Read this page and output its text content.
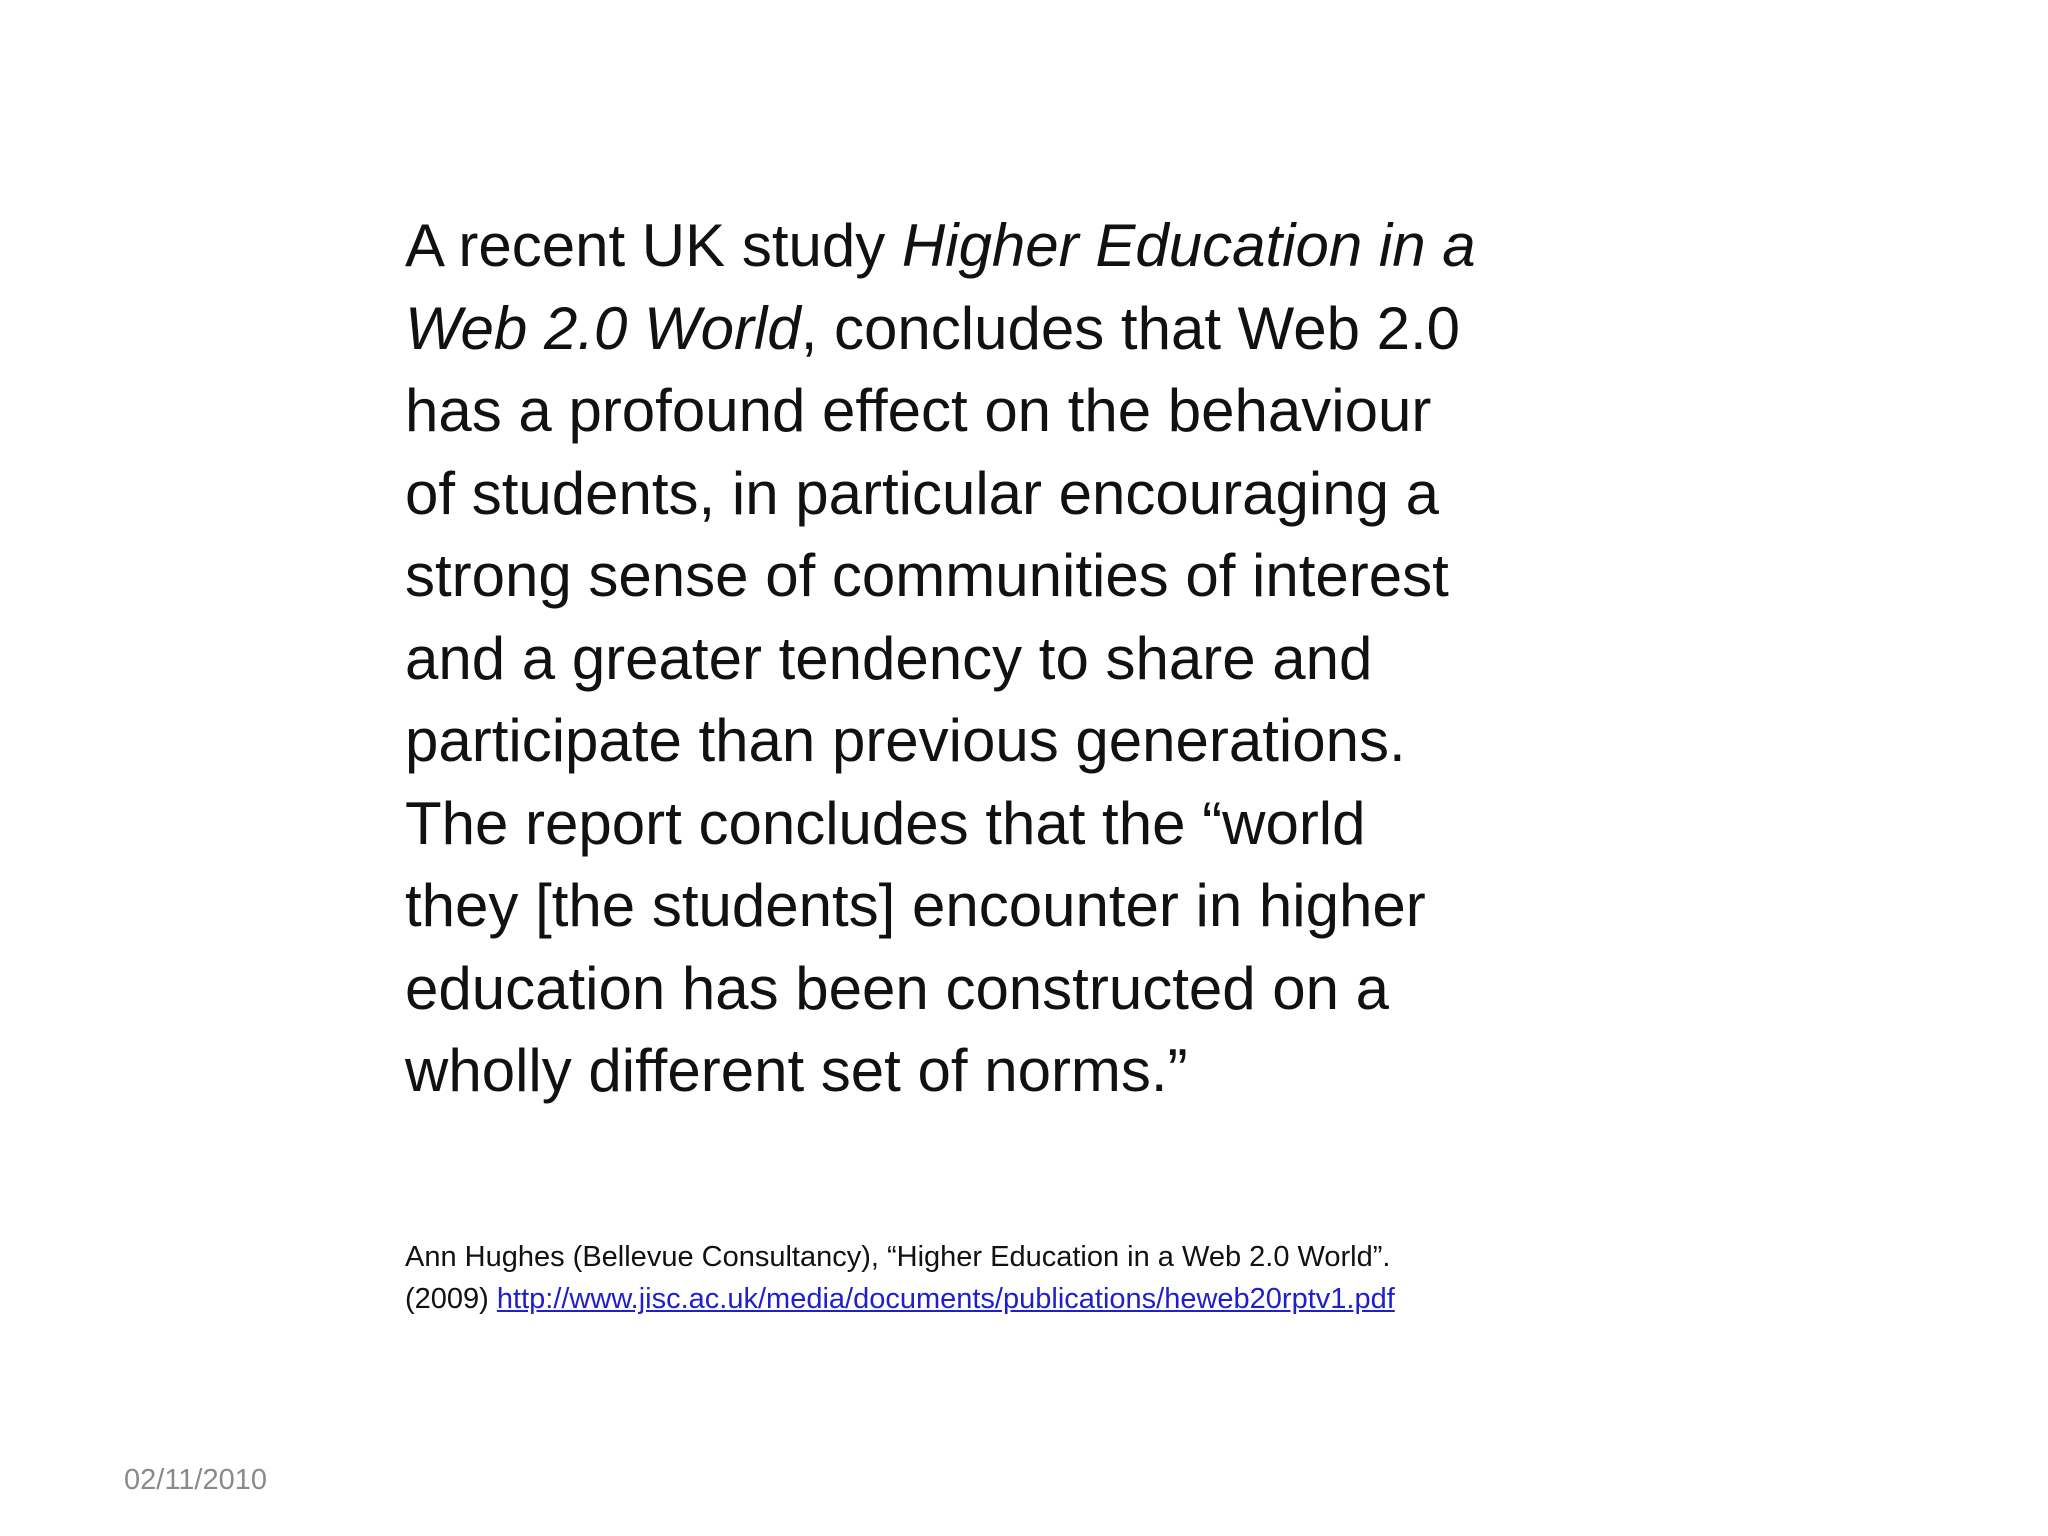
A recent UK study Higher Education in a
Web 2.0 World, concludes that Web 2.0
has a profound effect on the behaviour
of students, in particular encouraging a
strong sense of communities of interest
and a greater tendency to share and
participate than previous generations.
The report concludes that the “world
they [the students] encounter in higher
education has been constructed on a
wholly different set of norms.”
Ann Hughes (Bellevue Consultancy), “Higher Education in a Web 2.0 World”.
(2009) http://www.jisc.ac.uk/media/documents/publications/heweb20rptv1.pdf
02/11/2010
